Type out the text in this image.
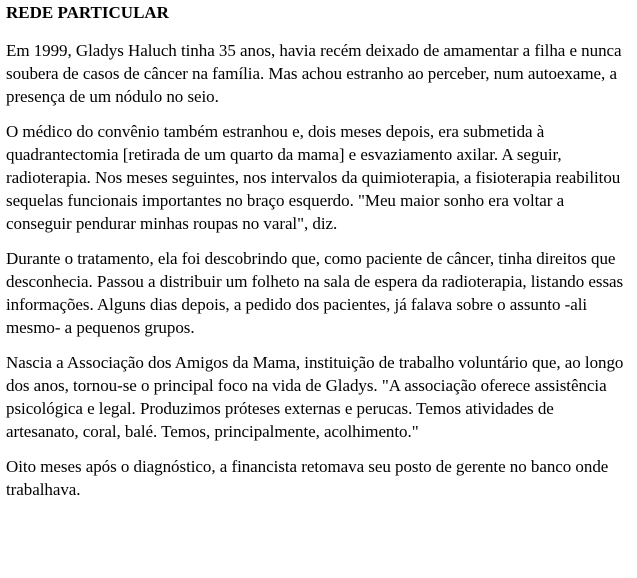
REDE PARTICULAR

Em 1999, Gladys Haluch tinha 35 anos, havia recém deixado de amamentar a filha e nunca soubera de casos de câncer na família. Mas achou estranho ao perceber, num autoexame, a presença de um nódulo no seio.

O médico do convênio também estranhou e, dois meses depois, era submetida à quadrantectomia [retirada de um quarto da mama] e esvaziamento axilar. A seguir, radioterapia. Nos meses seguintes, nos intervalos da quimioterapia, a fisioterapia reabilitou sequelas funcionais importantes no braço esquerdo. "Meu maior sonho era voltar a conseguir pendurar minhas roupas no varal", diz.

Durante o tratamento, ela foi descobrindo que, como paciente de câncer, tinha direitos que desconhecia. Passou a distribuir um folheto na sala de espera da radioterapia, listando essas informações. Alguns dias depois, a pedido dos pacientes, já falava sobre o assunto -ali mesmo- a pequenos grupos.

Nascia a Associação dos Amigos da Mama, instituição de trabalho voluntário que, ao longo dos anos, tornou-se o principal foco na vida de Gladys. "A associação oferece assistência psicológica e legal. Produzimos próteses externas e perucas. Temos atividades de artesanato, coral, balé. Temos, principalmente, acolhimento."

Oito meses após o diagnóstico, a financista retomava seu posto de gerente no banco onde trabalhava.
